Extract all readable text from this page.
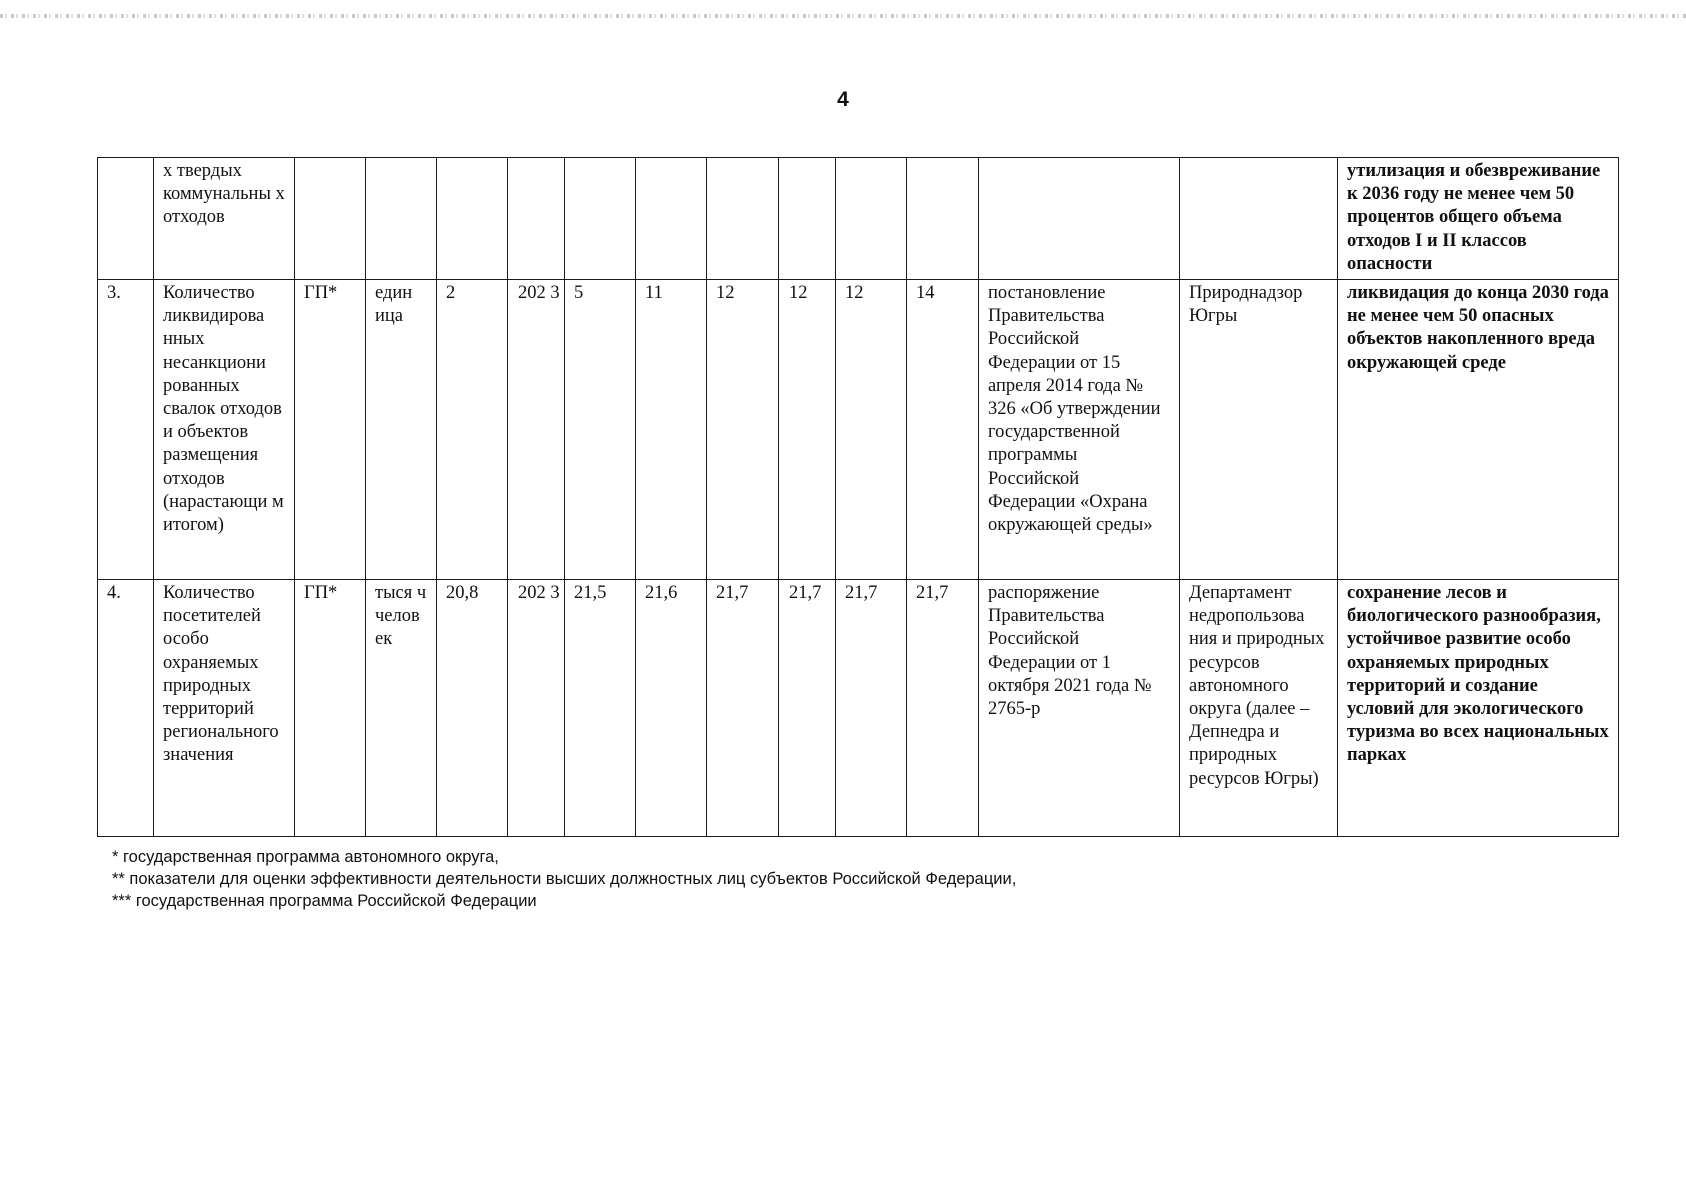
4
	х твердых коммунальны х отходов													утилизация и обезвреживание к 2036 году не менее чем 50 процентов общего объема отходов I и II классов опасности
3.	Количество ликвидирова нных несанкциони рованных свалок отходов и объектов размещения отходов (нарастающи м итогом)	ГП*	един ица	2	202 3	5	11	12	12	12	14	постановление Правительства Российской Федерации от 15 апреля 2014 года № 326 «Об утверждении государственной программы Российской Федерации «Охрана окружающей среды»	Природнадзор Югры	ликвидация до конца 2030 года не менее чем 50 опасных объектов накопленного вреда окружающей среде
4.	Количество посетителей особо охраняемых природных территорий регионального значения	ГП*	тыся ч челов ек	20,8	202 3	21,5	21,6	21,7	21,7	21,7	21,7	распоряжение Правительства Российской Федерации от 1 октября 2021 года № 2765-р	Департамент недропользова ния и природных ресурсов автономного округа (далее – Депнедра и природных ресурсов Югры)	сохранение лесов и биологического разнообразия, устойчивое развитие особо охраняемых природных территорий и создание условий для экологического туризма во всех национальных парках

* государственная программа автономного округа,

** показатели для оценки эффективности деятельности высших должностных лиц субъектов Российской Федерации,

*** государственная программа Российской Федерации
